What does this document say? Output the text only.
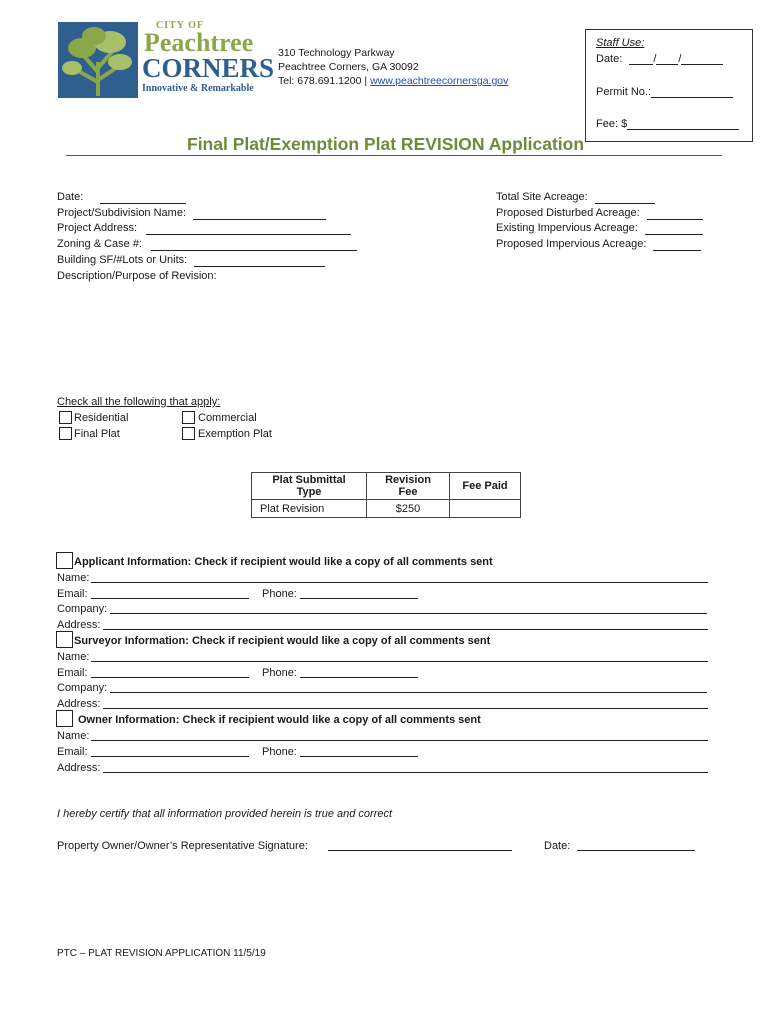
CITY OF
Peachtree
CORNERS
Innovative & Remarkable
310 Technology Parkway
Peachtree Corners, GA 30092
Tel: 678.691.1200 | www.peachtreecornersga.gov
Staff Use:
Date:	/ /
Permit No.:
Fee: $
Final Plat/Exemption Plat REVISION Application
Date:
Project/Subdivision Name:
Project Address:
Zoning & Case #:
Building SF/#Lots or Units:
Description/Purpose of Revision:
Total Site Acreage:
Proposed Disturbed Acreage:
Existing Impervious Acreage:
Proposed Impervious Acreage:
Check all the following that apply:
Residential	Commercial
Final Plat	Exemption Plat
Plat Submittal Type	Revision Fee	Fee Paid
Plat Revision	$250	
Applicant Information: Check if recipient would like a copy of all comments sent
Name:
Email:	Phone:
Company:
Address:
Surveyor Information: Check if recipient would like a copy of all comments sent
Name:
Email:	Phone:
Company:
Address:
Owner Information: Check if recipient would like a copy of all comments sent
Name:
Email:	Phone:
Address:
I hereby certify that all information provided herein is true and correct
Property Owner/Owner’s Representative Signature:	Date:
PTC – PLAT REVISION APPLICATION 11/5/19
